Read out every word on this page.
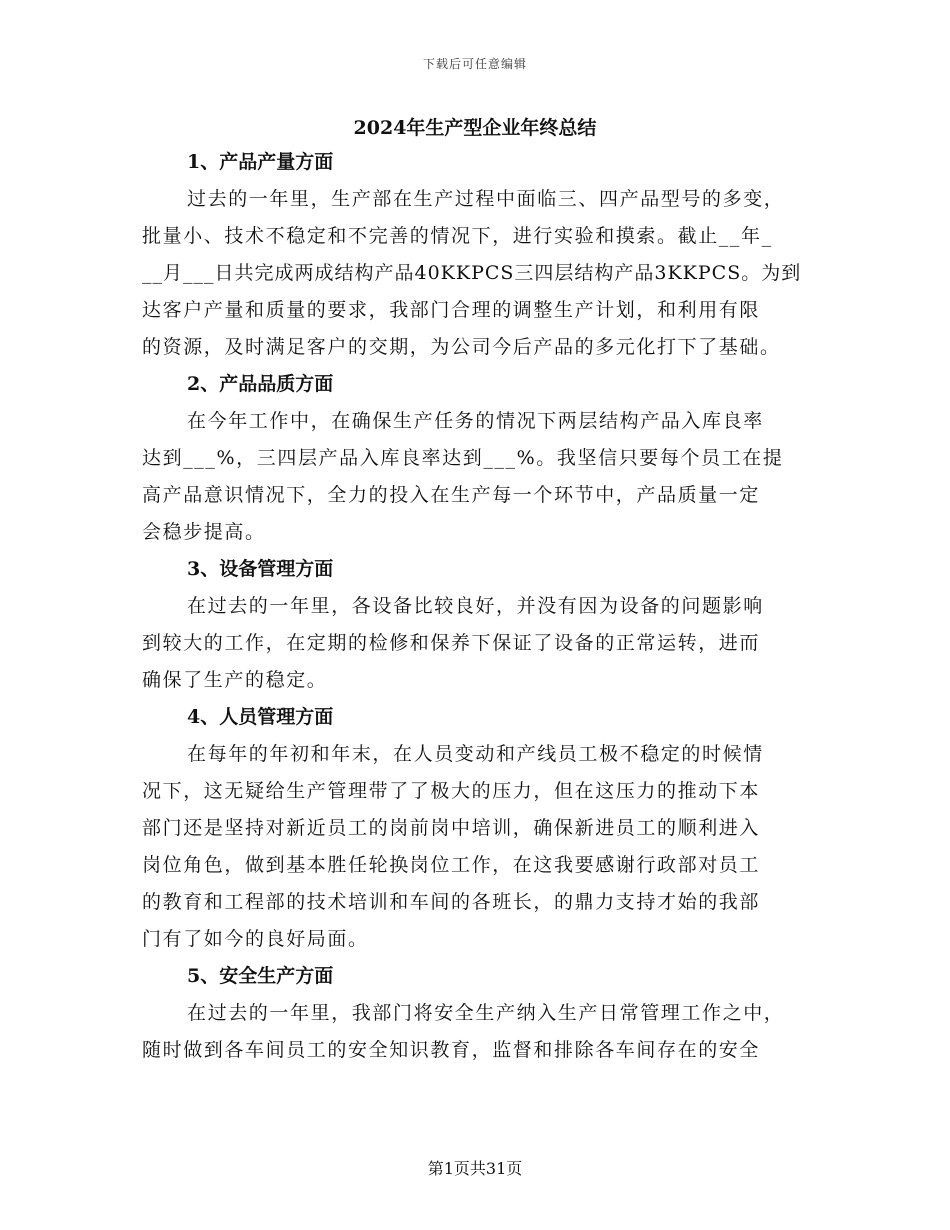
下载后可任意编辑
2024年生产型企业年终总结
1、产品产量方面

过去的一年里，生产部在生产过程中面临三、四产品型号的多变，
批量小、技术不稳定和不完善的情况下，进行实验和摸索。截止__年_
__月___日共完成两成结构产品40KKPCS三四层结构产品3KKPCS。为到
达客户产量和质量的要求，我部门合理的调整生产计划，和利用有限
的资源，及时满足客户的交期，为公司今后产品的多元化打下了基础。

2、产品品质方面

在今年工作中，在确保生产任务的情况下两层结构产品入库良率
达到___%，三四层产品入库良率达到___%。我坚信只要每个员工在提
高产品意识情况下，全力的投入在生产每一个环节中，产品质量一定
会稳步提高。

3、设备管理方面

在过去的一年里，各设备比较良好，并没有因为设备的问题影响
到较大的工作，在定期的检修和保养下保证了设备的正常运转，进而
确保了生产的稳定。

4、人员管理方面

在每年的年初和年末，在人员变动和产线员工极不稳定的时候情
况下，这无疑给生产管理带了了极大的压力，但在这压力的推动下本
部门还是坚持对新近员工的岗前岗中培训，确保新进员工的顺利进入
岗位角色，做到基本胜任轮换岗位工作，在这我要感谢行政部对员工
的教育和工程部的技术培训和车间的各班长，的鼎力支持才始的我部
门有了如今的良好局面。

5、安全生产方面

在过去的一年里，我部门将安全生产纳入生产日常管理工作之中，
随时做到各车间员工的安全知识教育，监督和排除各车间存在的安全

第1页共31页
